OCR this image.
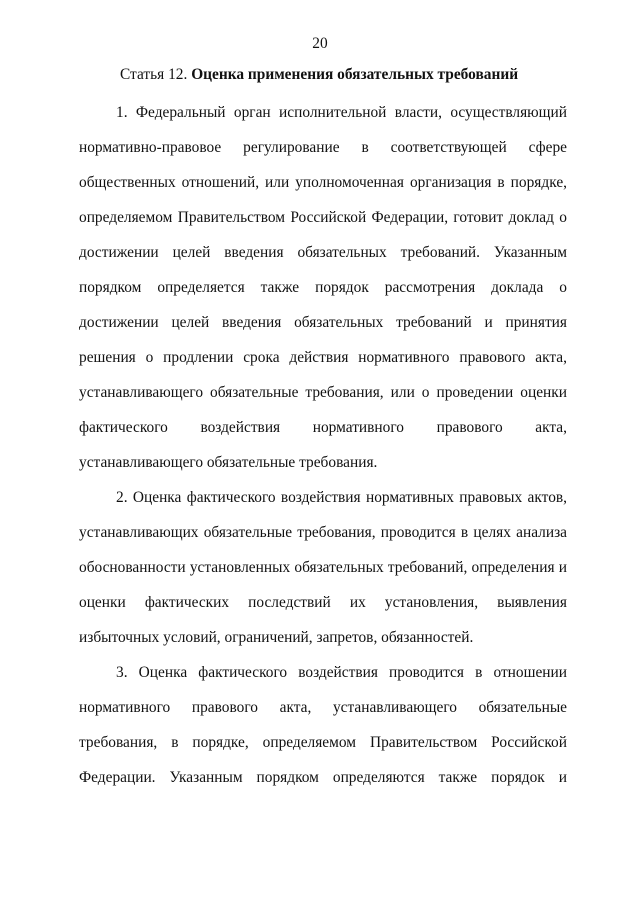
20
Статья 12. Оценка применения обязательных требований
1. Федеральный орган исполнительной власти, осуществляющий
нормативно-правовое регулирование в соответствующей сфере
общественных отношений, или уполномоченная организация в порядке,
определяемом Правительством Российской Федерации, готовит доклад о
достижении целей введения обязательных требований. Указанным
порядком определяется также порядок рассмотрения доклада о
достижении целей введения обязательных требований и принятия
решения о продлении срока действия нормативного правового акта,
устанавливающего обязательные требования, или о проведении оценки
фактического воздействия нормативного правового акта,
устанавливающего обязательные требования.
2. Оценка фактического воздействия нормативных правовых актов,
устанавливающих обязательные требования, проводится в целях анализа
обоснованности установленных обязательных требований, определения и
оценки фактических последствий их установления, выявления
избыточных условий, ограничений, запретов, обязанностей.
3. Оценка фактического воздействия проводится в отношении
нормативного правового акта, устанавливающего обязательные
требования, в порядке, определяемом Правительством Российской
Федерации. Указанным порядком определяются также порядок и
